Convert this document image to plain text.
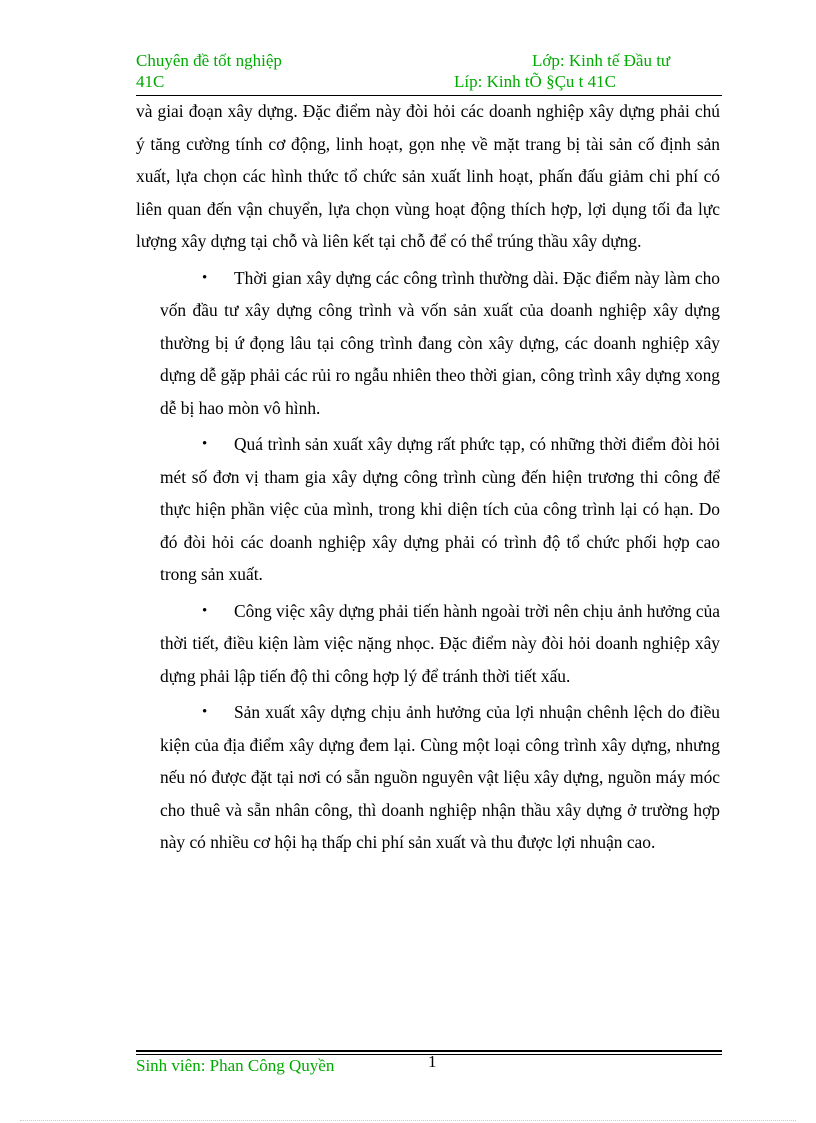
Chuyên đề tốt nghiệp	Lớp: Kinh tế Đầu tư
41C	Líp: Kinh tÕ §Çu t 41C

và giai đoạn xây dựng. Đặc điểm này đòi hỏi các doanh nghiệp xây dựng phải chú ý tăng cường tính cơ động, linh hoạt, gọn nhẹ về mặt trang bị tài sản cố định sản xuất, lựa chọn các hình thức tổ chức sản xuất linh hoạt, phấn đấu giảm chi phí có liên quan đến vận chuyển, lựa chọn vùng hoạt động thích hợp, lợi dụng tối đa lực lượng xây dựng tại chỗ và liên kết tại chỗ để có thể trúng thầu xây dựng.

•	Thời gian xây dựng các công trình thường dài. Đặc điểm này làm cho vốn đầu tư xây dựng công trình và vốn sản xuất của doanh nghiệp xây dựng thường bị ứ đọng lâu tại công trình đang còn xây dựng, các doanh nghiệp xây dựng dễ gặp phải các rủi ro ngẫu nhiên theo thời gian, công trình xây dựng xong dễ bị hao mòn vô hình.
•	Quá trình sản xuất xây dựng rất phức tạp, có những thời điểm đòi hỏi mét số đơn vị tham gia xây dựng công trình cùng đến hiện trương thi công để thực hiện phần việc của mình, trong khi diện tích của công trình lại có hạn. Do đó đòi hỏi các doanh nghiệp xây dựng phải có trình độ tổ chức phối hợp cao trong sản xuất.
•	Công việc xây dựng phải tiến hành ngoài trời nên chịu ảnh hưởng của thời tiết, điều kiện làm việc nặng nhọc. Đặc điểm này đòi hỏi doanh nghiệp xây dựng phải lập tiến độ thi công hợp lý để tránh thời tiết xấu.
•	Sản xuất xây dựng chịu ảnh hưởng của lợi nhuận chênh lệch do điều kiện của địa điểm xây dựng đem lại. Cùng một loại công trình xây dựng, nhưng nếu nó được đặt tại nơi có sẵn nguồn nguyên vật liệu xây dựng, nguồn máy móc cho thuê và sẵn nhân công, thì doanh nghiệp nhận thầu xây dựng ở trường hợp này có nhiều cơ hội hạ thấp chi phí sản xuất và thu được lợi nhuận cao.
Sinh viên: Phan Công Quyền	1
